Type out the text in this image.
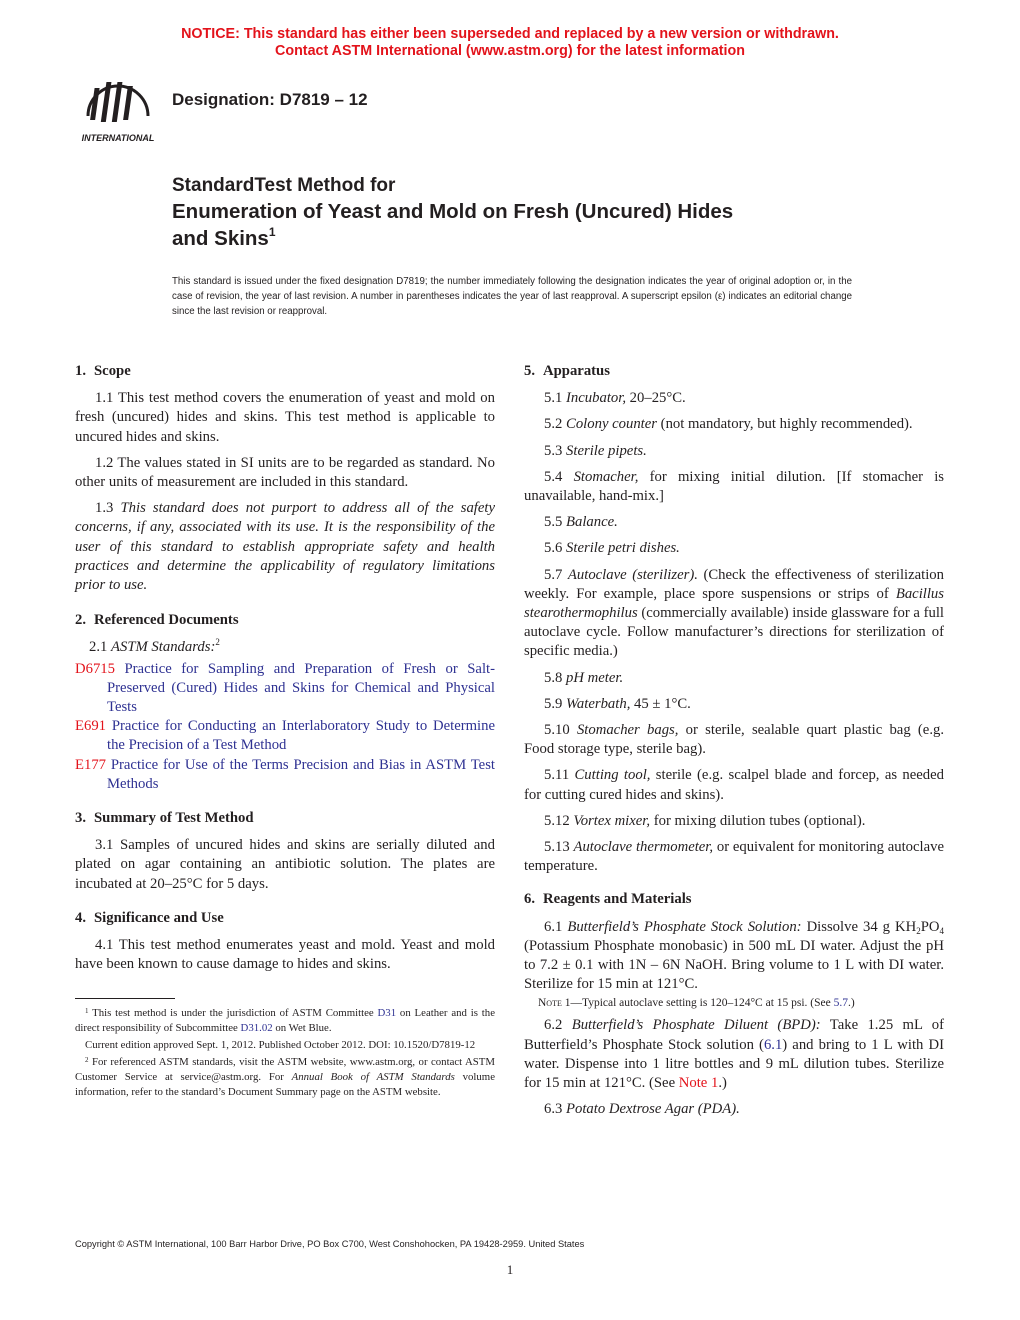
NOTICE: This standard has either been superseded and replaced by a new version or withdrawn.
Contact ASTM International (www.astm.org) for the latest information
INTERNATIONAL
Designation: D7819 – 12
StandardTest Method for
Enumeration of Yeast and Mold on Fresh (Uncured) Hides
and Skins$^1$
This standard is issued under the fixed designation D7819; the number immediately following the designation indicates the year of original adoption or, in the case of revision, the year of last revision. A number in parentheses indicates the year of last reapproval. A superscript epsilon (ε) indicates an editorial change since the last revision or reapproval.
1. Scope

1.1 This test method covers the enumeration of yeast and mold on fresh (uncured) hides and skins. This test method is applicable to uncured hides and skins.

1.2 The values stated in SI units are to be regarded as standard. No other units of measurement are included in this standard.

1.3 This standard does not purport to address all of the safety concerns, if any, associated with its use. It is the responsibility of the user of this standard to establish appropriate safety and health practices and determine the applicability of regulatory limitations prior to use.

2. Referenced Documents

2.1 ASTM Standards:$^2$

D6715 Practice for Sampling and Preparation of Fresh or Salt-Preserved (Cured) Hides and Skins for Chemical and Physical Tests

E691 Practice for Conducting an Interlaboratory Study to Determine the Precision of a Test Method

E177 Practice for Use of the Terms Precision and Bias in ASTM Test Methods

3. Summary of Test Method

3.1 Samples of uncured hides and skins are serially diluted and plated on agar containing an antibiotic solution. The plates are incubated at 20–25°C for 5 days.

4. Significance and Use

4.1 This test method enumerates yeast and mold. Yeast and mold have been known to cause damage to hides and skins.

$^1$ This test method is under the jurisdiction of ASTM Committee D31 on Leather and is the direct responsibility of Subcommittee D31.02 on Wet Blue.

Current edition approved Sept. 1, 2012. Published October 2012. DOI: 10.1520/D7819-12

$^2$ For referenced ASTM standards, visit the ASTM website, www.astm.org, or contact ASTM Customer Service at service@astm.org. For Annual Book of ASTM Standards volume information, refer to the standard’s Document Summary page on the ASTM website.

5. Apparatus

5.1 Incubator, 20–25°C.

5.2 Colony counter (not mandatory, but highly recommended).

5.3 Sterile pipets.

5.4 Stomacher, for mixing initial dilution. [If stomacher is unavailable, hand-mix.]

5.5 Balance.

5.6 Sterile petri dishes.

5.7 Autoclave (sterilizer). (Check the effectiveness of sterilization weekly. For example, place spore suspensions or strips of Bacillus stearothermophilus (commercially available) inside glassware for a full autoclave cycle. Follow manufacturer’s directions for sterilization of specific media.)

5.8 pH meter.

5.9 Waterbath, 45 ± 1°C.

5.10 Stomacher bags, or sterile, sealable quart plastic bag (e.g. Food storage type, sterile bag).

5.11 Cutting tool, sterile (e.g. scalpel blade and forcep, as needed for cutting cured hides and skins).

5.12 Vortex mixer, for mixing dilution tubes (optional).

5.13 Autoclave thermometer, or equivalent for monitoring autoclave temperature.

6. Reagents and Materials

6.1 Butterfield’s Phosphate Stock Solution: Dissolve 34 g $KH_2PO_4$ (Potassium Phosphate monobasic) in 500 mL DI water. Adjust the pH to 7.2 ± 0.1 with 1N – 6N NaOH. Bring volume to 1 L with DI water. Sterilize for 15 min at 121°C.

Note 1—Typical autoclave setting is 120–124°C at 15 psi. (See 5.7.)

6.2 Butterfield’s Phosphate Diluent (BPD): Take 1.25 mL of Butterfield’s Phosphate Stock solution (6.1) and bring to 1 L with DI water. Dispense into 1 litre bottles and 9 mL dilution tubes. Sterilize for 15 min at 121°C. (See Note 1.)

6.3 Potato Dextrose Agar (PDA).

Copyright © ASTM International, 100 Barr Harbor Drive, PO Box C700, West Conshohocken, PA 19428-2959. United States
1
